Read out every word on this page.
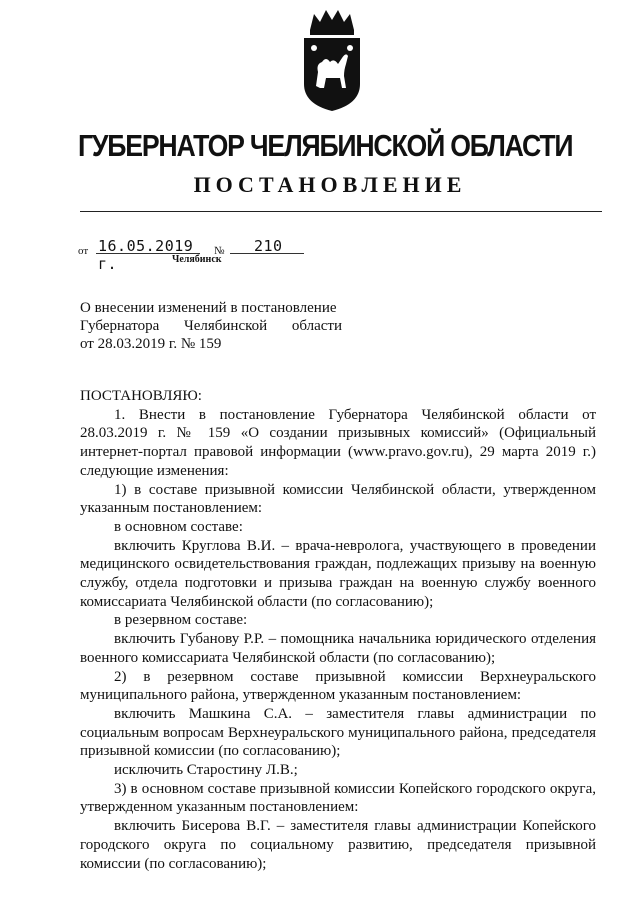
ГУБЕРНАТОР ЧЕЛЯБИНСКОЙ ОБЛАСТИ
ПОСТАНОВЛЕНИЕ
от 16.05.2019 г.
№ 210
Челябинск
О внесении изменений в постановление
Губернатора Челябинской области
от 28.03.2019 г. № 159
ПОСТАНОВЛЯЮ:
1. Внести в постановление Губернатора Челябинской области от 28.03.2019 г. № 159 «О создании призывных комиссий» (Официальный интернет-портал правовой информации (www.pravo.gov.ru), 29 марта 2019 г.) следующие изменения:
1) в составе призывной комиссии Челябинской области, утвержденном указанным постановлением:
в основном составе:
включить Круглова В.И. – врача-невролога, участвующего в проведении медицинского освидетельствования граждан, подлежащих призыву на военную службу, отдела подготовки и призыва граждан на военную службу военного комиссариата Челябинской области (по согласованию);
в резервном составе:
включить Губанову Р.Р. – помощника начальника юридического отделения военного комиссариата Челябинской области (по согласованию);
2) в резервном составе призывной комиссии Верхнеуральского муниципального района, утвержденном указанным постановлением:
включить Машкина С.А. – заместителя главы администрации по социальным вопросам Верхнеуральского муниципального района, председателя призывной комиссии (по согласованию);
исключить Старостину Л.В.;
3) в основном составе призывной комиссии Копейского городского округа, утвержденном указанным постановлением:
включить Бисерова В.Г. – заместителя главы администрации Копейского городского округа по социальному развитию, председателя призывной комиссии (по согласованию);
